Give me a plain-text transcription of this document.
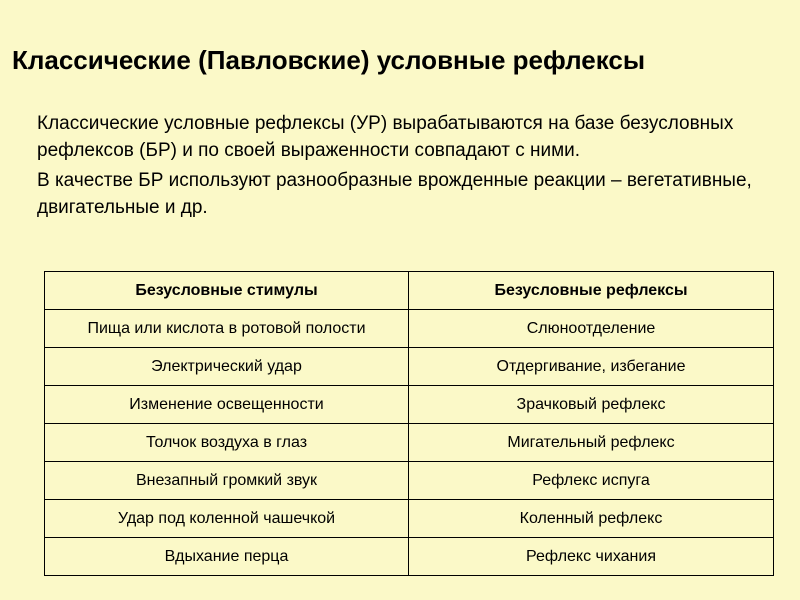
Классические (Павловские) условные рефлексы

Классические условные рефлексы (УР) вырабатываются на базе безусловных рефлексов (БР) и по своей выраженности совпадают с ними.

В качестве БР используют разнообразные врожденные реакции – вегетативные, двигательные и др.

Безусловные стимулы	Безусловные рефлексы
Пища или кислота в ротовой полости	Слюноотделение
Электрический удар	Отдергивание, избегание
Изменение освещенности	Зрачковый рефлекс
Толчок воздуха в глаз	Мигательный рефлекс
Внезапный громкий звук	Рефлекс испуга
Удар под коленной чашечкой	Коленный рефлекс
Вдыхание перца	Рефлекс чихания
